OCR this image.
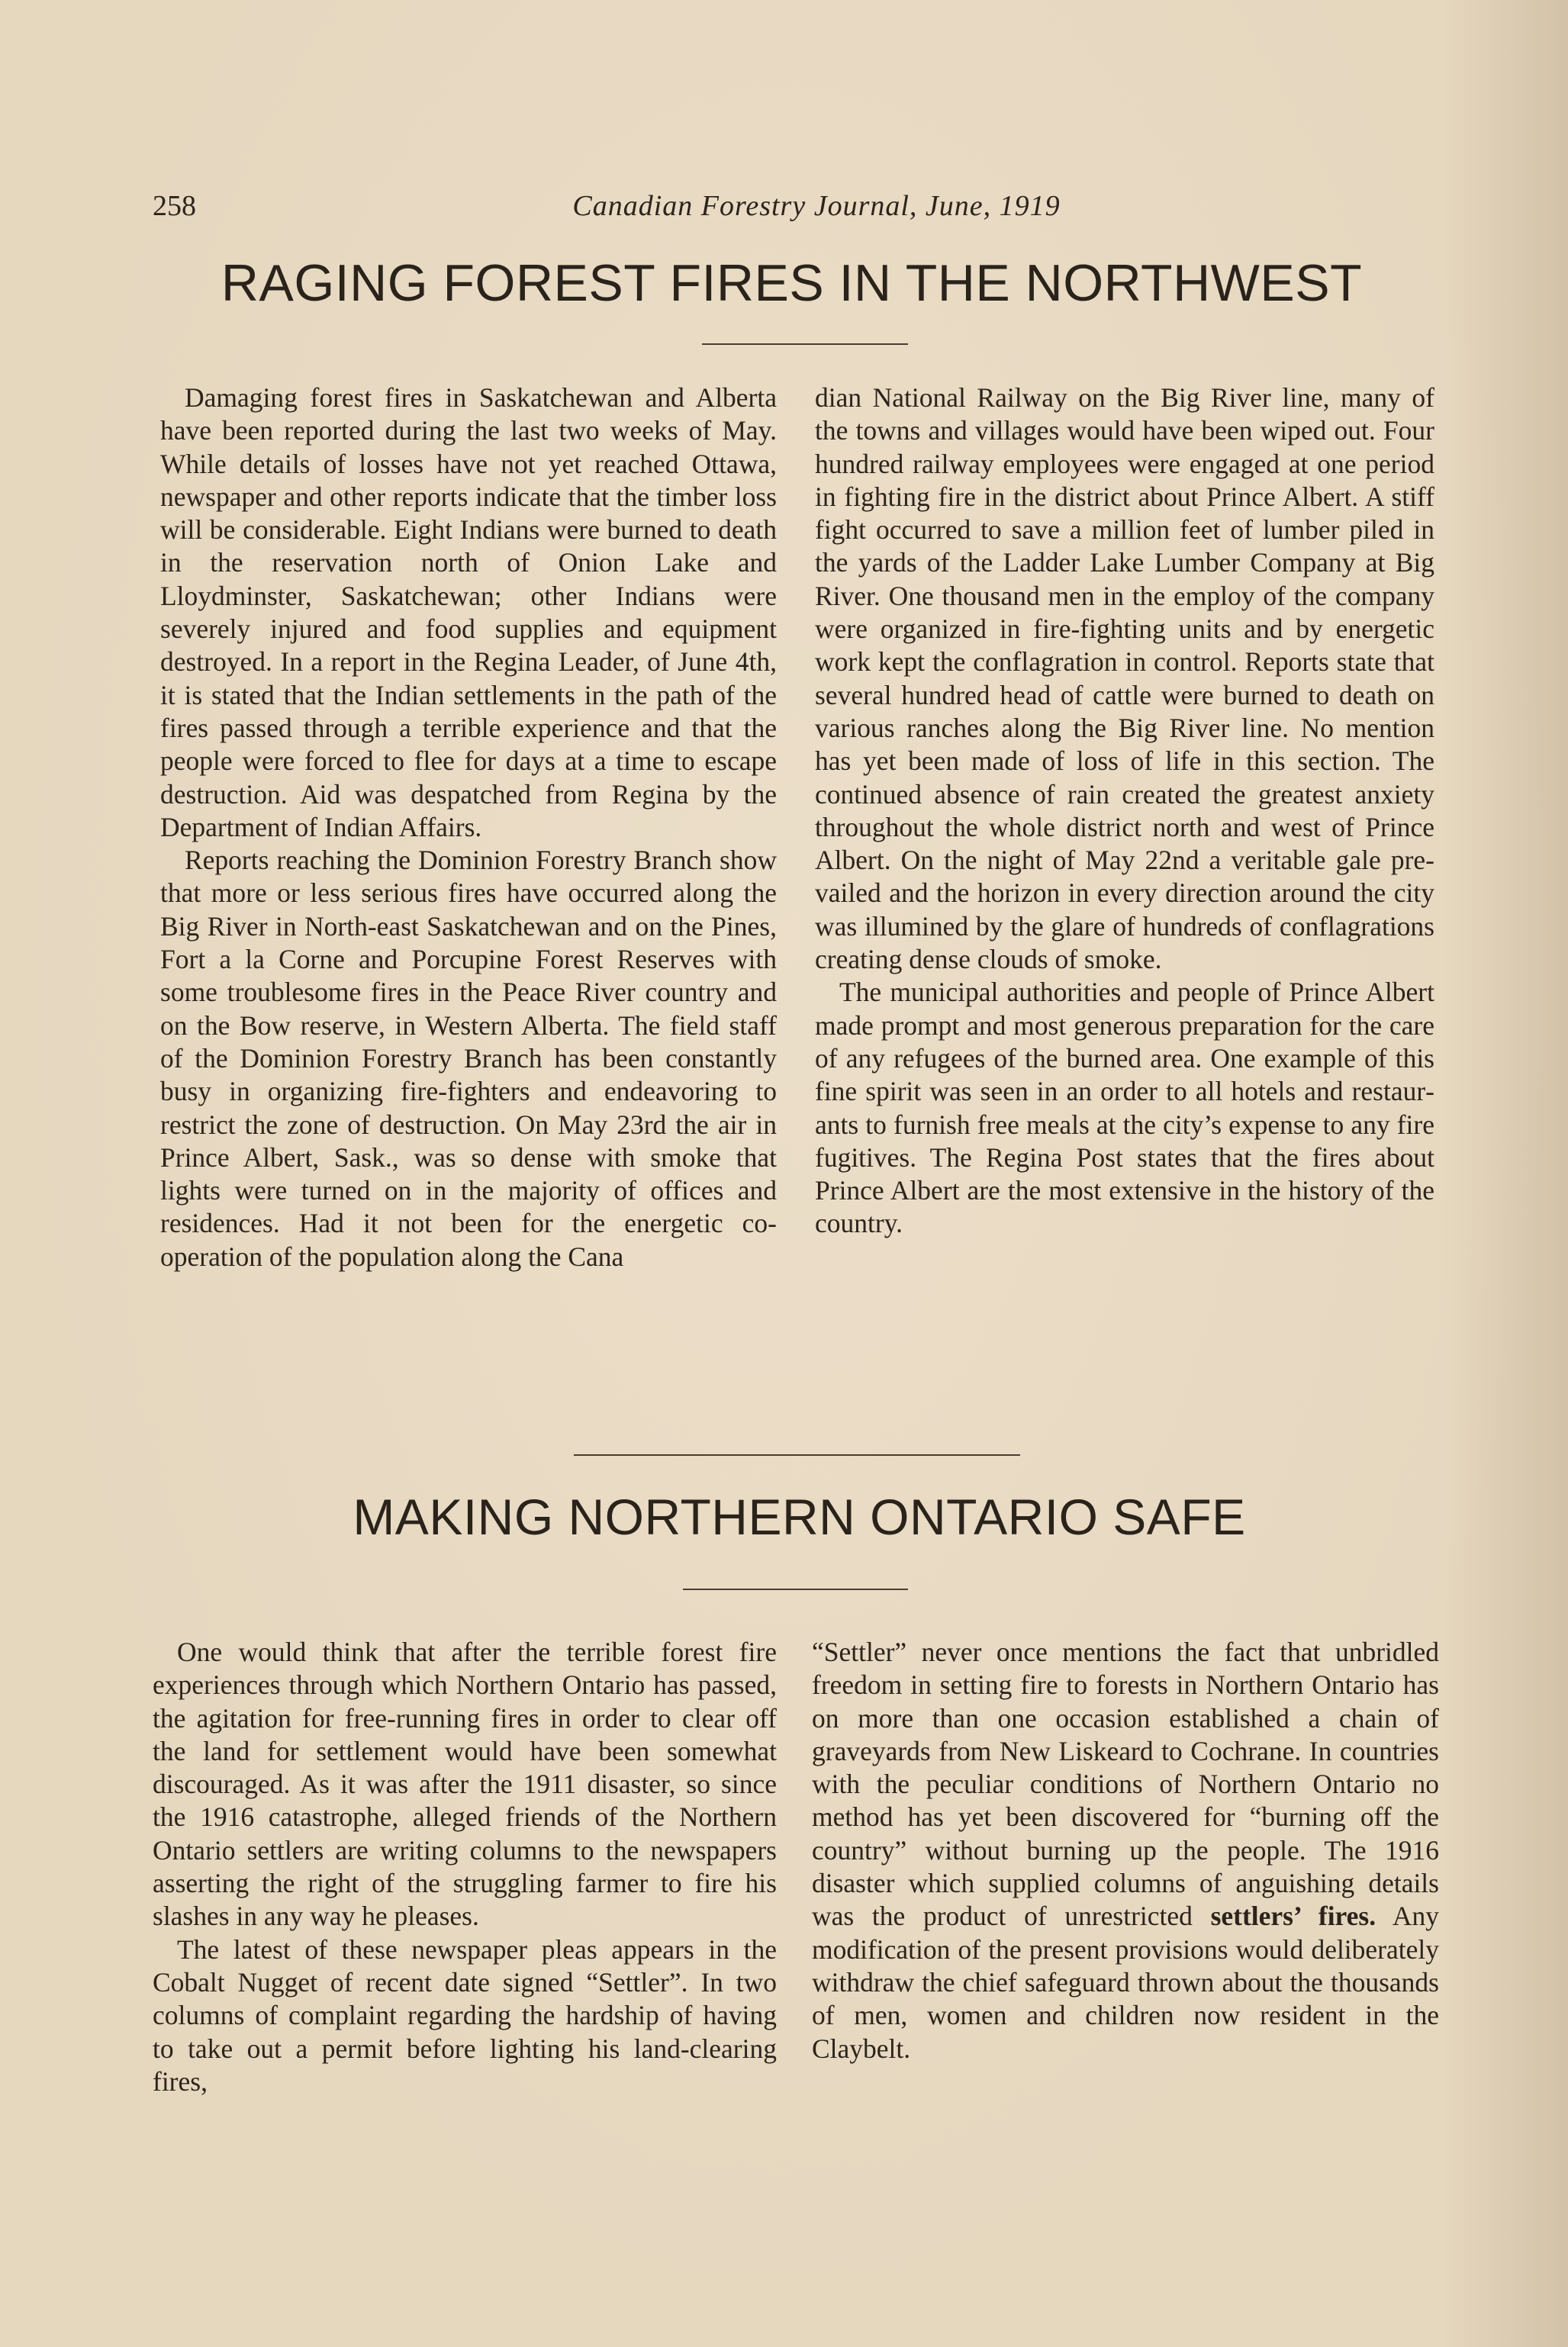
258	Canadian Forestry Journal, June, 1919
RAGING FOREST FIRES IN THE NORTHWEST

Damaging forest fires in Saskatchewan and Alberta have been reported during the last two weeks of May. While details of losses have not yet reached Ottawa, newspaper and other reports indicate that the timber loss will be considerable. Eight Indians were burned to death in the reservation north of Onion Lake and Lloydminster, Saskatchewan; other Indians were severely injured and food supplies and equipment destroyed. In a report in the Regina Leader, of June 4th, it is stated that the Indian settlements in the path of the fires passed through a terrible experience and that the people were forced to flee for days at a time to escape destruction. Aid was despatched from Regina by the Department of Indian Affairs.

Reports reaching the Dominion Forestry Branch show that more or less serious fires have occurred along the Big River in North-east Saskatchewan and on the Pines, Fort a la Corne and Porcupine Forest Reserves with some troublesome fires in the Peace River country and on the Bow reserve, in Western Alberta. The field staff of the Dominion Forestry Branch has been constantly busy in organizing fire-fighters and endeavoring to restrict the zone of destruction. On May 23rd the air in Prince Albert, Sask., was so dense with smoke that lights were turned on in the majority of offices and residences. Had it not been for the energetic co-operation of the population along the Cana

dian National Railway on the Big River line, many of the towns and villages would have been wiped out. Four hundred railway employees were engaged at one period in fighting fire in the district about Prince Albert. A stiff fight occurred to save a million feet of lumber piled in the yards of the Ladder Lake Lumber Company at Big River. One thousand men in the employ of the company were organized in fire-fighting units and by energetic work kept the conflagration in control. Reports state that several hundred head of cattle were burned to death on various ranches along the Big River line. No mention has yet been made of loss of life in this section. The continued absence of rain created the greatest anxiety throughout the whole district north and west of Prince Albert. On the night of May 22nd a veritable gale prevailed and the horizon in every direction around the city was illumined by the glare of hundreds of conflagrations creating dense clouds of smoke.

The municipal authorities and people of Prince Albert made prompt and most generous preparation for the care of any refugees of the burned area. One example of this fine spirit was seen in an order to all hotels and restaurants to furnish free meals at the city’s expense to any fire fugitives. The Regina Post states that the fires about Prince Albert are the most extensive in the history of the country.

MAKING NORTHERN ONTARIO SAFE

One would think that after the terrible forest fire experiences through which Northern Ontario has passed, the agitation for free-running fires in order to clear off the land for settlement would have been somewhat discouraged. As it was after the 1911 disaster, so since the 1916 catastrophe, alleged friends of the Northern Ontario settlers are writing columns to the newspapers asserting the right of the struggling farmer to fire his slashes in any way he pleases.

The latest of these newspaper pleas appears in the Cobalt Nugget of recent date signed “Settler”. In two columns of complaint regarding the hardship of having to take out a permit before lighting his land-clearing fires,

“Settler” never once mentions the fact that unbridled freedom in setting fire to forests in Northern Ontario has on more than one occasion established a chain of graveyards from New Liskeard to Cochrane. In countries with the peculiar conditions of Northern Ontario no method has yet been discovered for “burning off the country” without burning up the people. The 1916 disaster which supplied columns of anguishing details was the product of unrestricted settlers’ fires. Any modification of the present provisions would deliberately withdraw the chief safeguard thrown about the thousands of men, women and children now resident in the Claybelt.
